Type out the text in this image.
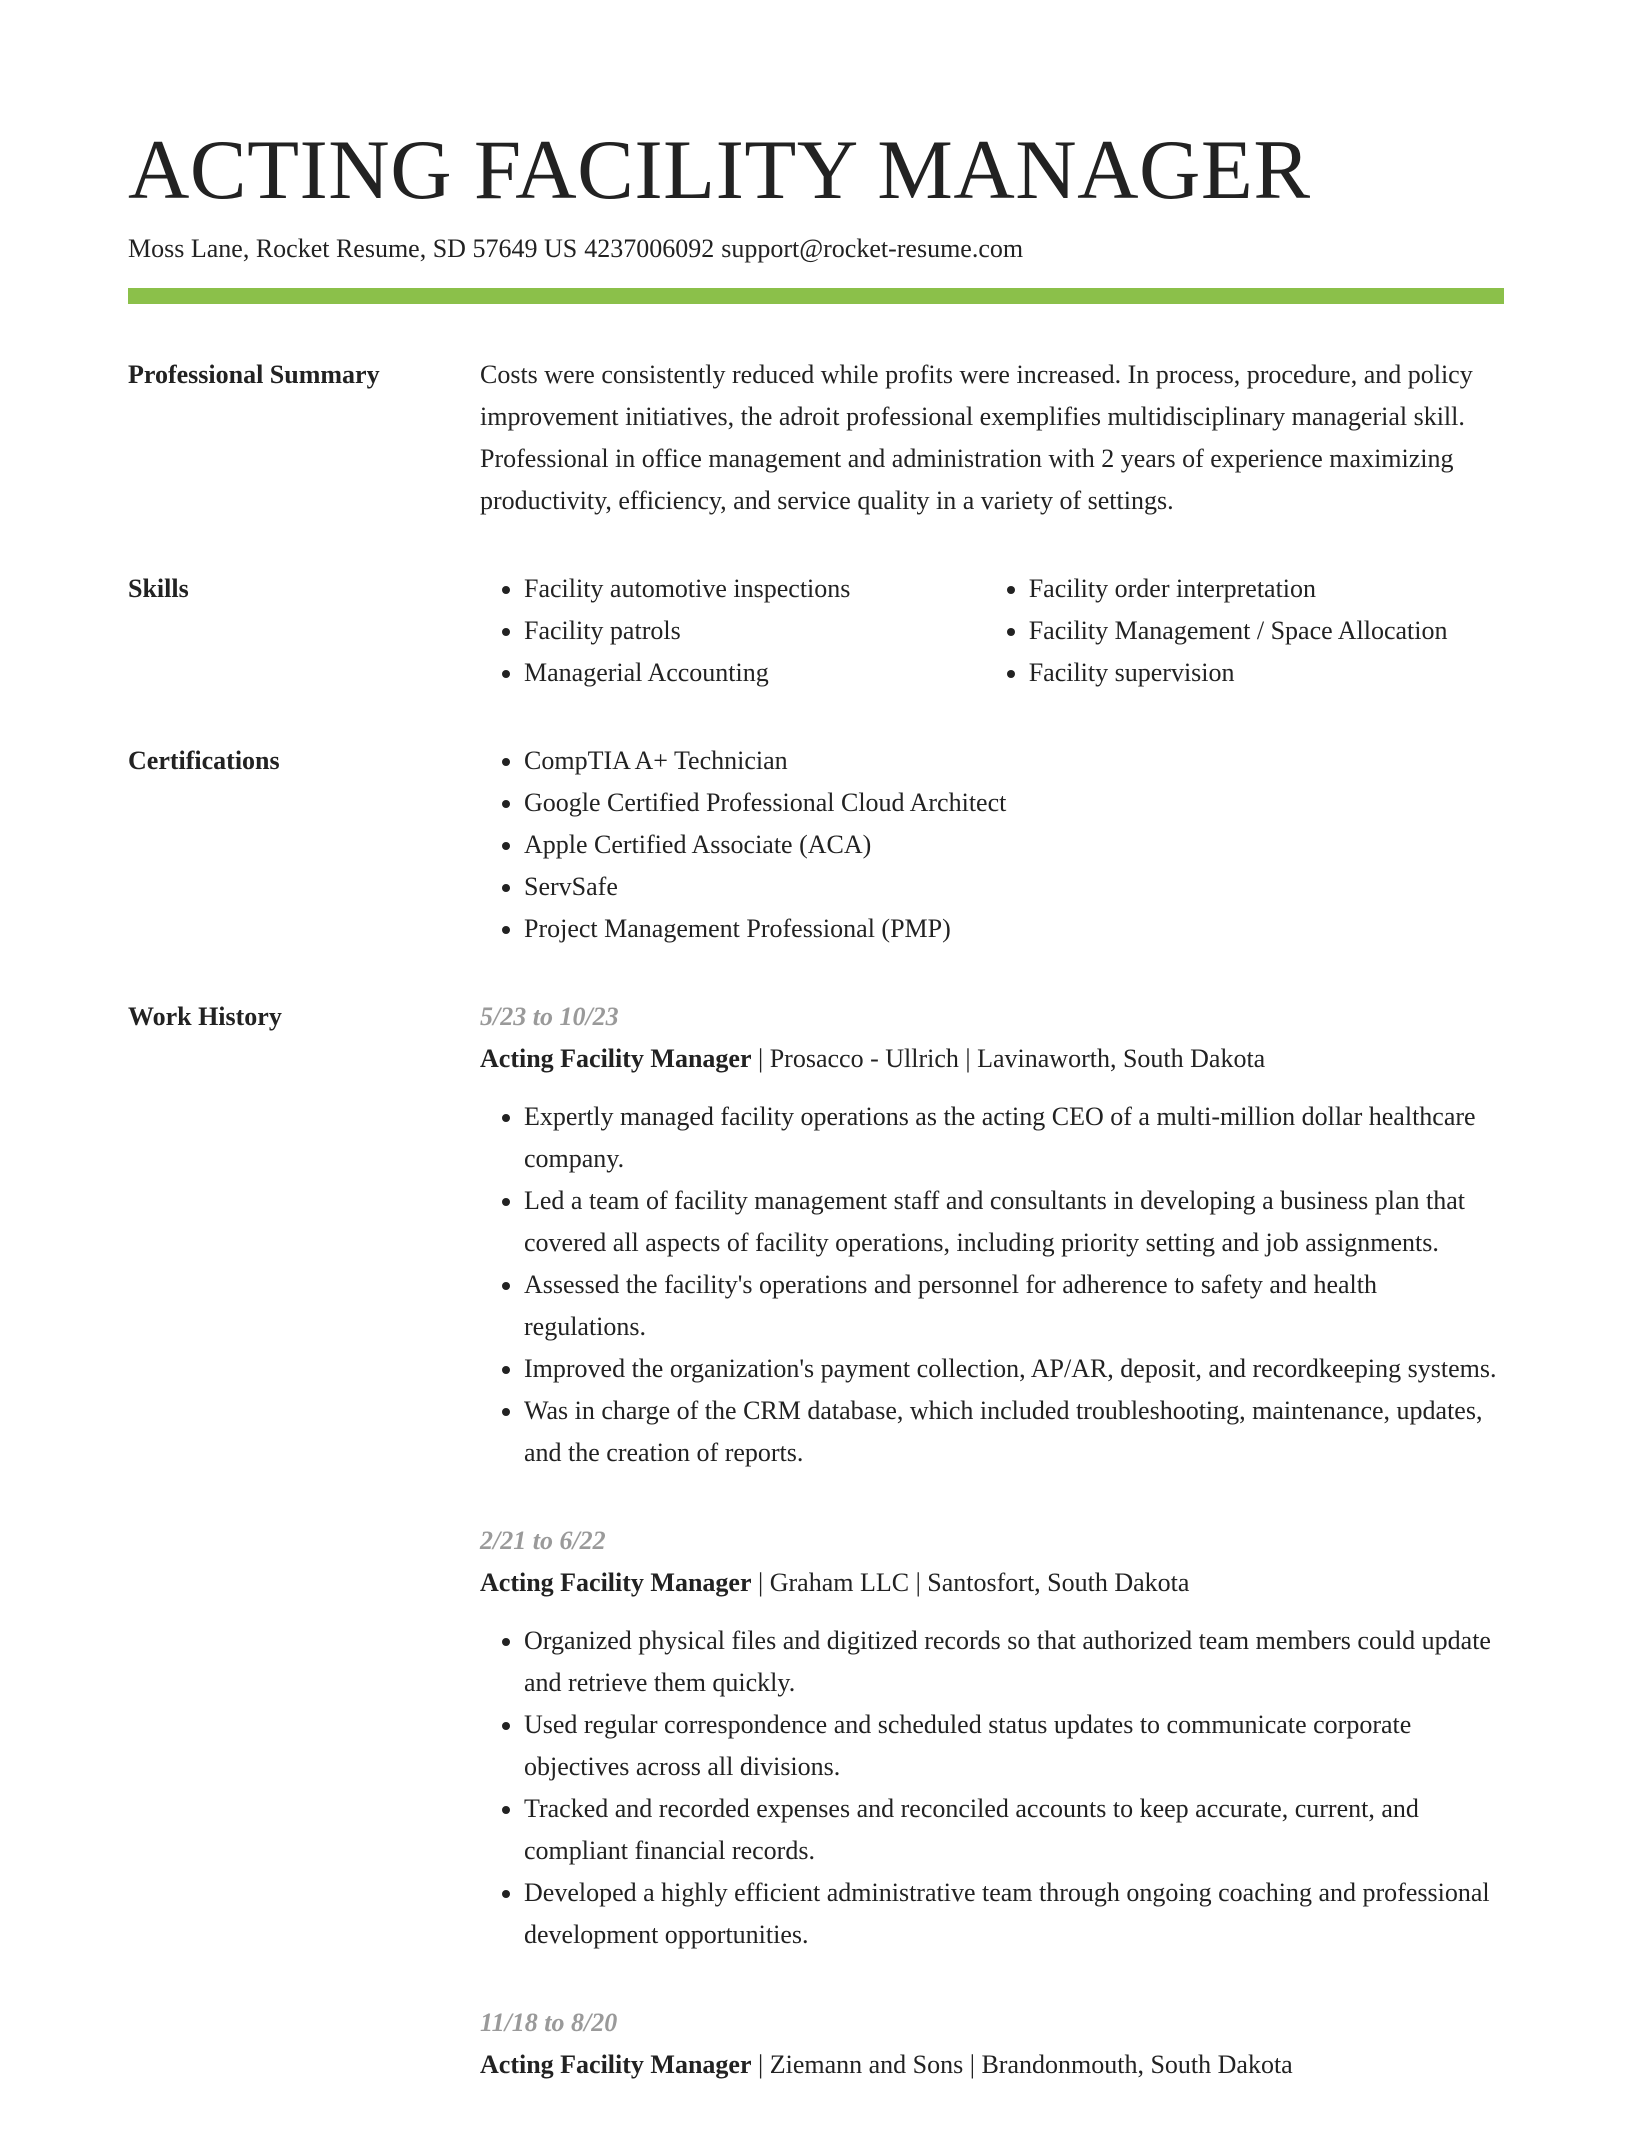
ACTING FACILITY MANAGER
Moss Lane, Rocket Resume, SD 57649 US 4237006092 support@rocket-resume.com
Professional Summary	Costs were consistently reduced while profits were increased. In process, procedure, and policy improvement initiatives, the adroit professional exemplifies multidisciplinary managerial skill. Professional in office management and administration with 2 years of experience maximizing productivity, efficiency, and service quality in a variety of settings.

Skills	• Facility automotive inspections
• Facility patrols
• Managerial Accounting
• Facility order interpretation
• Facility Management / Space Allocation
• Facility supervision
Certifications	• CompTIA A+ Technician
• Google Certified Professional Cloud Architect
• Apple Certified Associate (ACA)
• ServSafe
• Project Management Professional (PMP)
Work History	5/23 to 10/23
Acting Facility Manager | Prosacco - Ullrich | Lavinaworth, South Dakota
• Expertly managed facility operations as the acting CEO of a multi-million dollar healthcare company.
• Led a team of facility management staff and consultants in developing a business plan that covered all aspects of facility operations, including priority setting and job assignments.
• Assessed the facility's operations and personnel for adherence to safety and health regulations.
• Improved the organization's payment collection, AP/AR, deposit, and recordkeeping systems.
• Was in charge of the CRM database, which included troubleshooting, maintenance, updates, and the creation of reports.
2/21 to 6/22
Acting Facility Manager | Graham LLC | Santosfort, South Dakota
• Organized physical files and digitized records so that authorized team members could update and retrieve them quickly.
• Used regular correspondence and scheduled status updates to communicate corporate objectives across all divisions.
• Tracked and recorded expenses and reconciled accounts to keep accurate, current, and compliant financial records.
• Developed a highly efficient administrative team through ongoing coaching and professional development opportunities.
11/18 to 8/20
Acting Facility Manager | Ziemann and Sons | Brandonmouth, South Dakota
